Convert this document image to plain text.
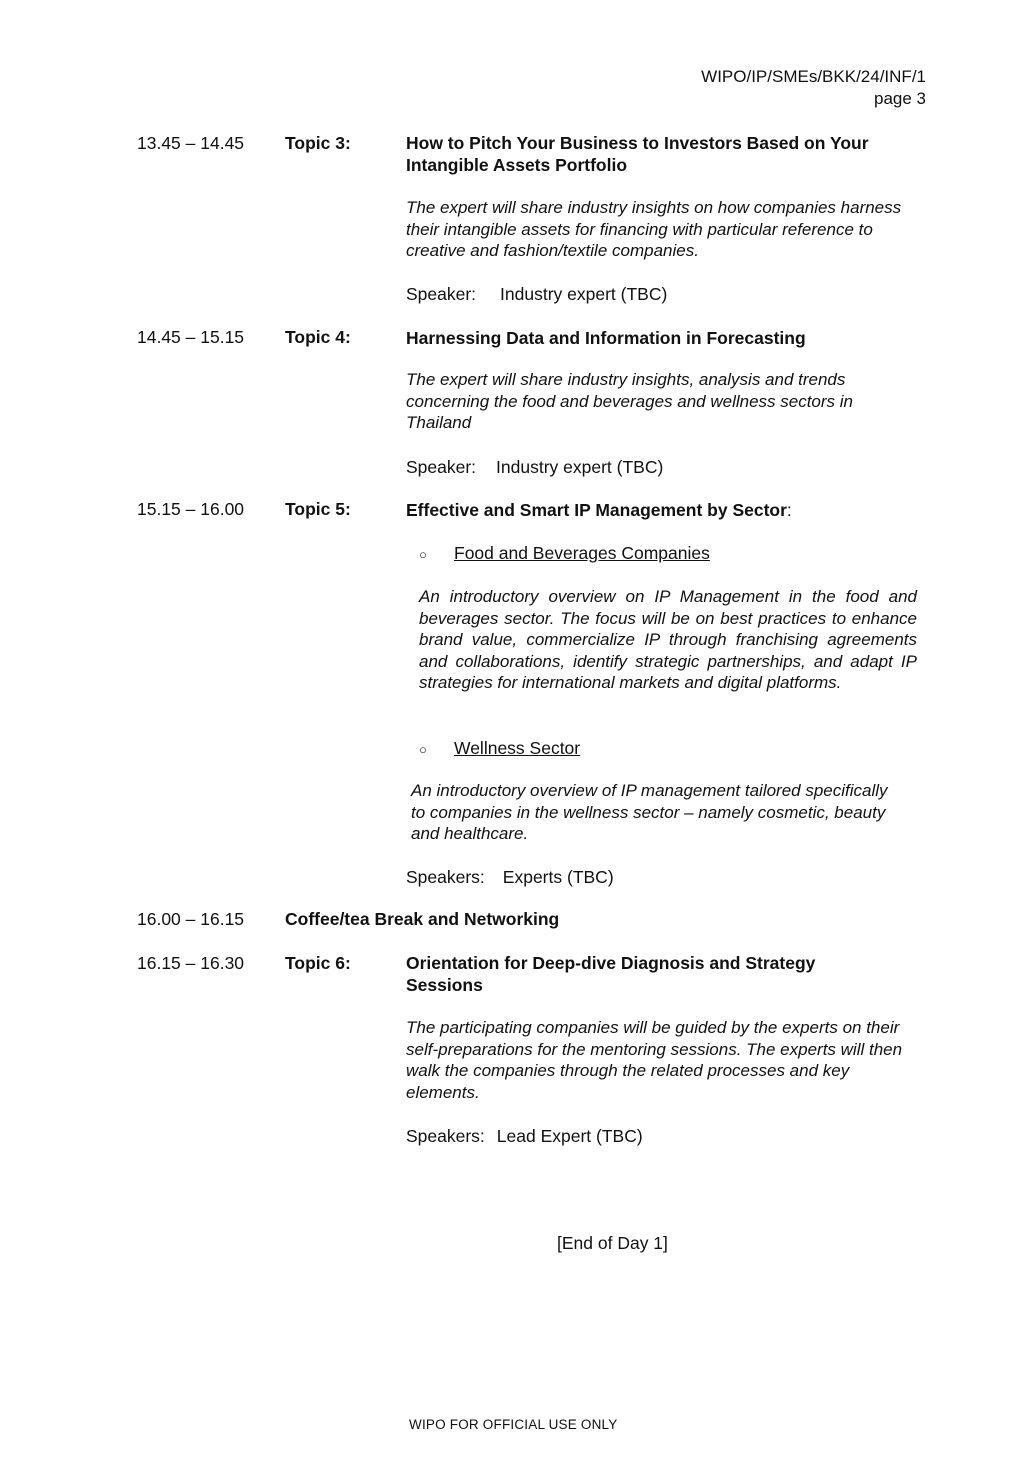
WIPO/IP/SMEs/BKK/24/INF/1
page 3
13.45 – 14.45 Topic 3:	How to Pitch Your Business to Investors Based on Your Intangible Assets Portfolio
The expert will share industry insights on how companies harness their intangible assets for financing with particular reference to creative and fashion/textile companies.
Speaker: Industry expert (TBC)
14.45 – 15.15 Topic 4:	Harnessing Data and Information in Forecasting
The expert will share industry insights, analysis and trends concerning the food and beverages and wellness sectors in Thailand
Speaker: Industry expert (TBC)
15.15 – 16.00 Topic 5:	Effective and Smart IP Management by Sector:
○ Food and Beverages Companies
An introductory overview on IP Management in the food and beverages sector. The focus will be on best practices to enhance brand value, commercialize IP through franchising agreements and collaborations, identify strategic partnerships, and adapt IP strategies for international markets and digital platforms.
○ Wellness Sector
An introductory overview of IP management tailored specifically to companies in the wellness sector – namely cosmetic, beauty and healthcare.
Speakers: Experts (TBC)
16.00 – 16.15 Coffee/tea Break and Networking
16.15 – 16.30 Topic 6:	Orientation for Deep-dive Diagnosis and Strategy Sessions
The participating companies will be guided by the experts on their self-preparations for the mentoring sessions. The experts will then walk the companies through the related processes and key elements.
Speakers: Lead Expert (TBC)
[End of Day 1]
WIPO FOR OFFICIAL USE ONLY
